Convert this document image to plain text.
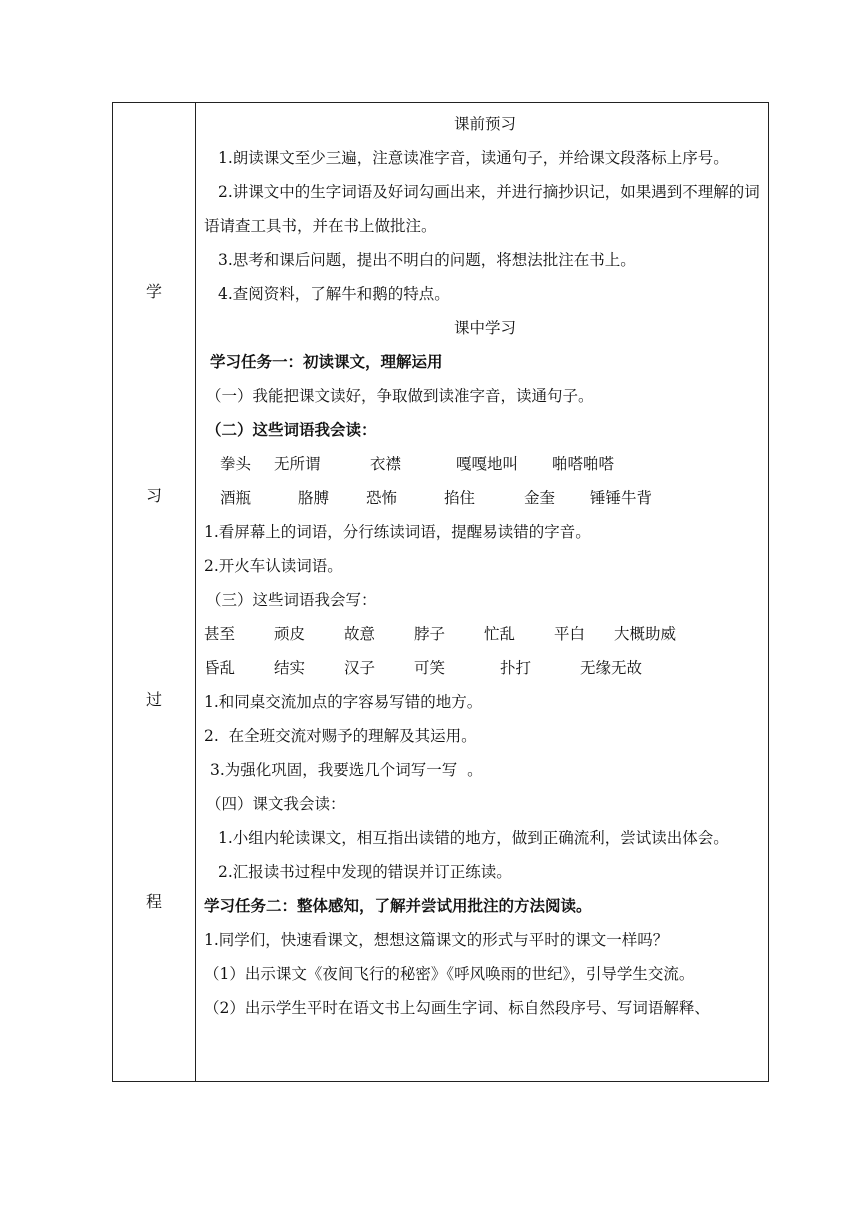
学
习
过
程

课前预习
1.朗读课文至少三遍，注意读准字音，读通句子，并给课文段落标上序号。
2.讲课文中的生字词语及好词勾画出来，并进行摘抄识记，如果遇到不理解的词语请查工具书，并在书上做批注。
3.思考和课后问题，提出不明白的问题，将想法批注在书上。
4.查阅资料，了解牛和鹅的特点。
课中学习
学习任务一：初读课文，理解运用
（一）我能把课文读好，争取做到读准字音，读通句子。
（二）这些词语我会读：
拳头	无所谓	衣襟	嘎嘎地叫	啪嗒啪嗒
酒瓶	胳膊	恐怖	掐住	金奎	锤锤牛背
1.看屏幕上的词语，分行练读词语，提醒易读错的字音。
2.开火车认读词语。
（三）这些词语我会写：
甚至	顽皮	故意	脖子	忙乱	平白	大概助威
昏乱	结实	汉子	可笑	扑打	无缘无故
1.和同桌交流加点的字容易写错的地方。
2.  在全班交流对赐予的理解及其运用。
3.为强化巩固，我要选几个词写一写  。
（四）课文我会读：
1.小组内轮读课文，相互指出读错的地方，做到正确流利，尝试读出体会。
2.汇报读书过程中发现的错误并订正练读。
学习任务二：整体感知，了解并尝试用批注的方法阅读。
1.同学们，快速看课文，想想这篇课文的形式与平时的课文一样吗？
（1）出示课文《夜间飞行的秘密》《呼风唤雨的世纪》，引导学生交流。
（2）出示学生平时在语文书上勾画生字词、标自然段序号、写词语解释、
